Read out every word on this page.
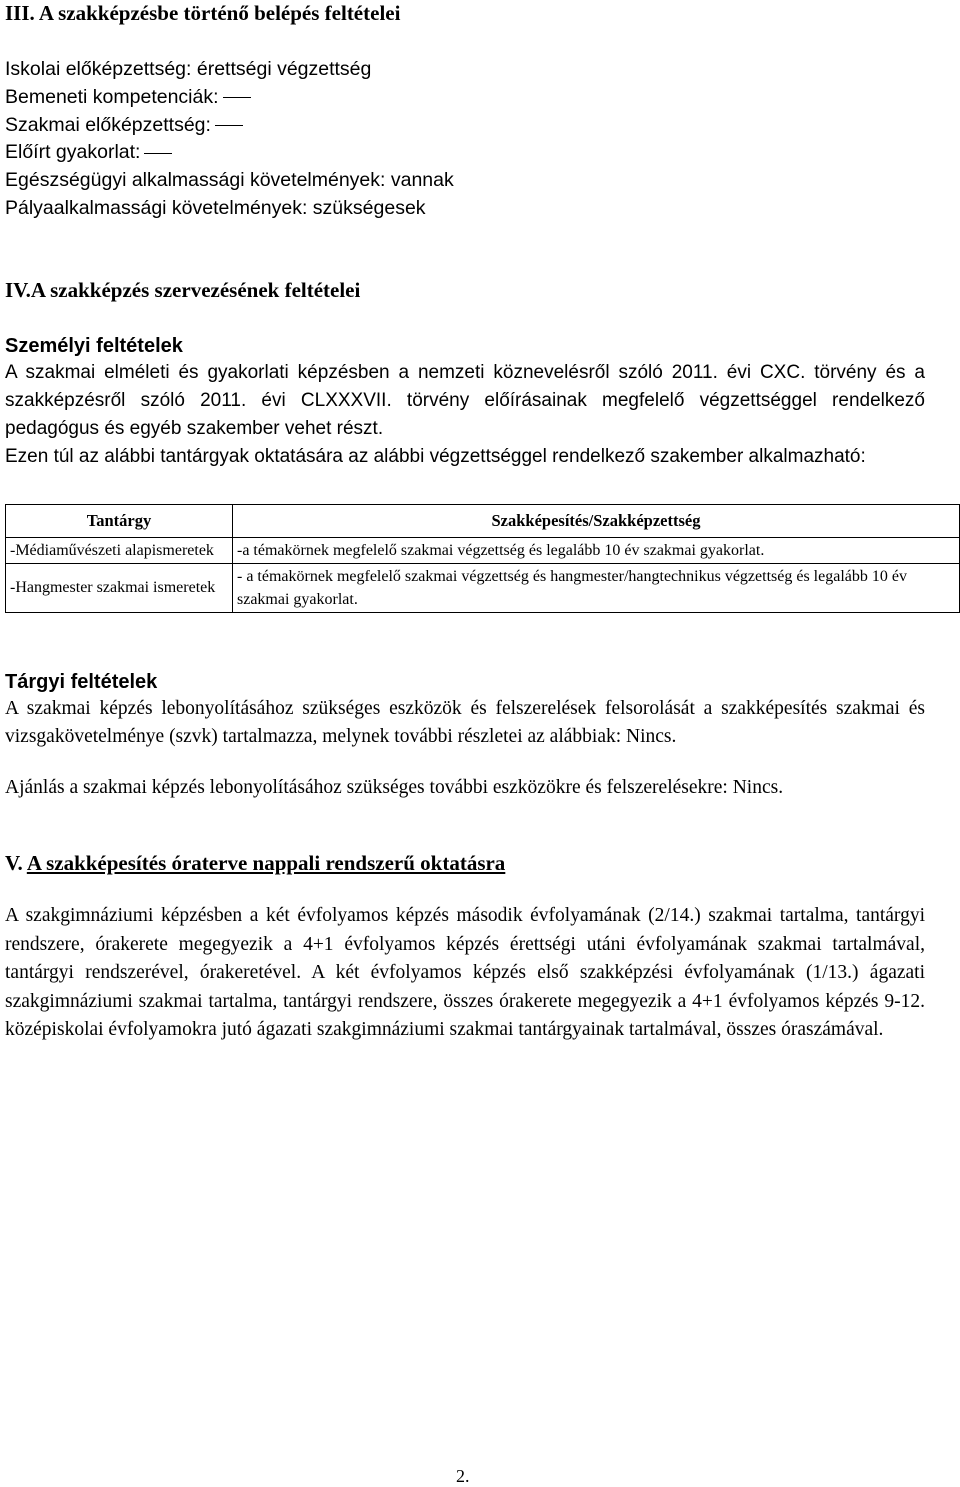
III. A szakképzésbe történő belépés feltételei
Iskolai előképzettség: érettségi végzettség
Bemeneti kompetenciák:
Szakmai előképzettség:
Előírt gyakorlat:
Egészségügyi alkalmassági követelmények: vannak
Pályaalkalmassági követelmények: szükségesek
IV.A szakképzés szervezésének feltételei
Személyi feltételek
A szakmai elméleti és gyakorlati képzésben a nemzeti köznevelésről szóló 2011. évi CXC. törvény és a szakképzésről szóló 2011. évi CLXXXVII. törvény előírásainak megfelelő végzettséggel rendelkező pedagógus és egyéb szakember vehet részt.
Ezen túl az alábbi tantárgyak oktatására az alábbi végzettséggel rendelkező szakember alkalmazható:
Tantárgy	Szakképesítés/Szakképzettség
-Médiaművészeti alapismeretek	-a témakörnek megfelelő szakmai végzettség és legalább 10 év szakmai gyakorlat.
-Hangmester szakmai ismeretek	- a témakörnek megfelelő szakmai végzettség és hangmester/hangtechnikus végzettség és legalább 10 év szakmai gyakorlat.
Tárgyi feltételek
A szakmai képzés lebonyolításához szükséges eszközök és felszerelések felsorolását a szakképesítés szakmai és vizsgakövetelménye (szvk) tartalmazza, melynek további részletei az alábbiak: Nincs.
Ajánlás a szakmai képzés lebonyolításához szükséges további eszközökre és felszerelésekre: Nincs.
V. A szakképesítés óraterve nappali rendszerű oktatásra
A szakgimnáziumi képzésben a két évfolyamos képzés második évfolyamának (2/14.) szakmai tartalma, tantárgyi rendszere, órakerete megegyezik a 4+1 évfolyamos képzés érettségi utáni évfolyamának szakmai tartalmával, tantárgyi rendszerével, órakeretével. A két évfolyamos képzés első szakképzési évfolyamának (1/13.) ágazati szakgimnáziumi szakmai tartalma, tantárgyi rendszere, összes órakerete megegyezik a 4+1 évfolyamos képzés 9-12. középiskolai évfolyamokra jutó ágazati szakgimnáziumi szakmai tantárgyainak tartalmával, összes óraszámával.
2.
